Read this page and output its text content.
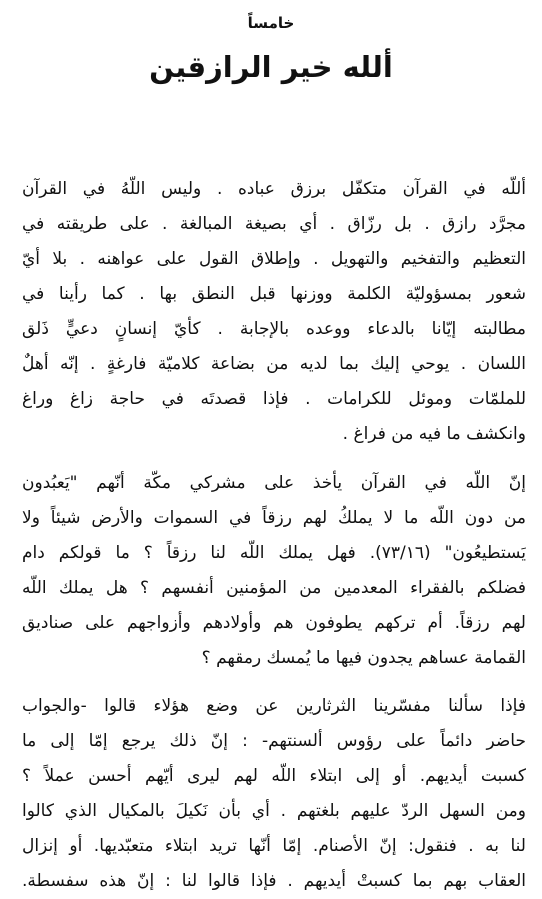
خامساً
ألله خير الرازقين

أللّه في القرآن متكفّل برزق عباده . وليس اللّهُ في القرآن
مجرَّد رازق . بل رزّاق . أي بصيغة المبالغة . على طريقته في
التعظيم والتفخيم والتهويل . وإطلاق القول على عواهنه . بلا أيّ
شعور بمسؤوليّة الكلمة ووزنها قبل النطق بها . كما رأينا في
مطالبته إيّانا بالدعاء ووعده بالإجابة . كأيّ إنسانٍ دعيٍّ ذَلق
اللسان . يوحي إليك بما لديه من بضاعة كلاميّة فارغةٍ . إنّه أهلٌ
للملمّات وموئل للكرامات . فإذا قصدتَه في حاجة زاغ وراغ
وانكشف ما فيه من فراغ .

إنّ اللّه في القرآن يأخذ على مشركي مكّة أنّهم "يَعبُدون
من دون اللّه ما لا يملكُ لهم رزقاً في السموات والأرض شيئاً ولا
يَستطيعُون" (٧٣/١٦). فهل يملك اللّه لنا رزقاً ؟ ما قولكم دام
فضلكم بالفقراء المعدمين من المؤمنين أنفسهم ؟ هل يملك اللّه
لهم رزقاً. أم تركهم يطوفون هم وأولادهم وأزواجهم على صناديق
القمامة عساهم يجدون فيها ما يُمسك رمقهم ؟

فإذا سألنا مفسّرينا الثرثارين عن وضع هؤلاء قالوا -والجواب
حاضر دائماً على رؤوس ألسنتهم- : إنّ ذلك يرجع إمّا إلى ما
كسبت أيديهم. أو إلى ابتلاء اللّه لهم ليرى أيّهم أحسن عملاً ؟
ومن السهل الردّ عليهم بلغتهم . أي بأن نَكيلَ بالمكيال الذي كالوا
لنا به . فنقول: إنّ الأصنام. إمّا أنّها تريد ابتلاء متعبّديها. أو إنزال
العقاب بهم بما كسبتْ أيديهم . فإذا قالوا لنا : إنّ هذه سفسطة.
